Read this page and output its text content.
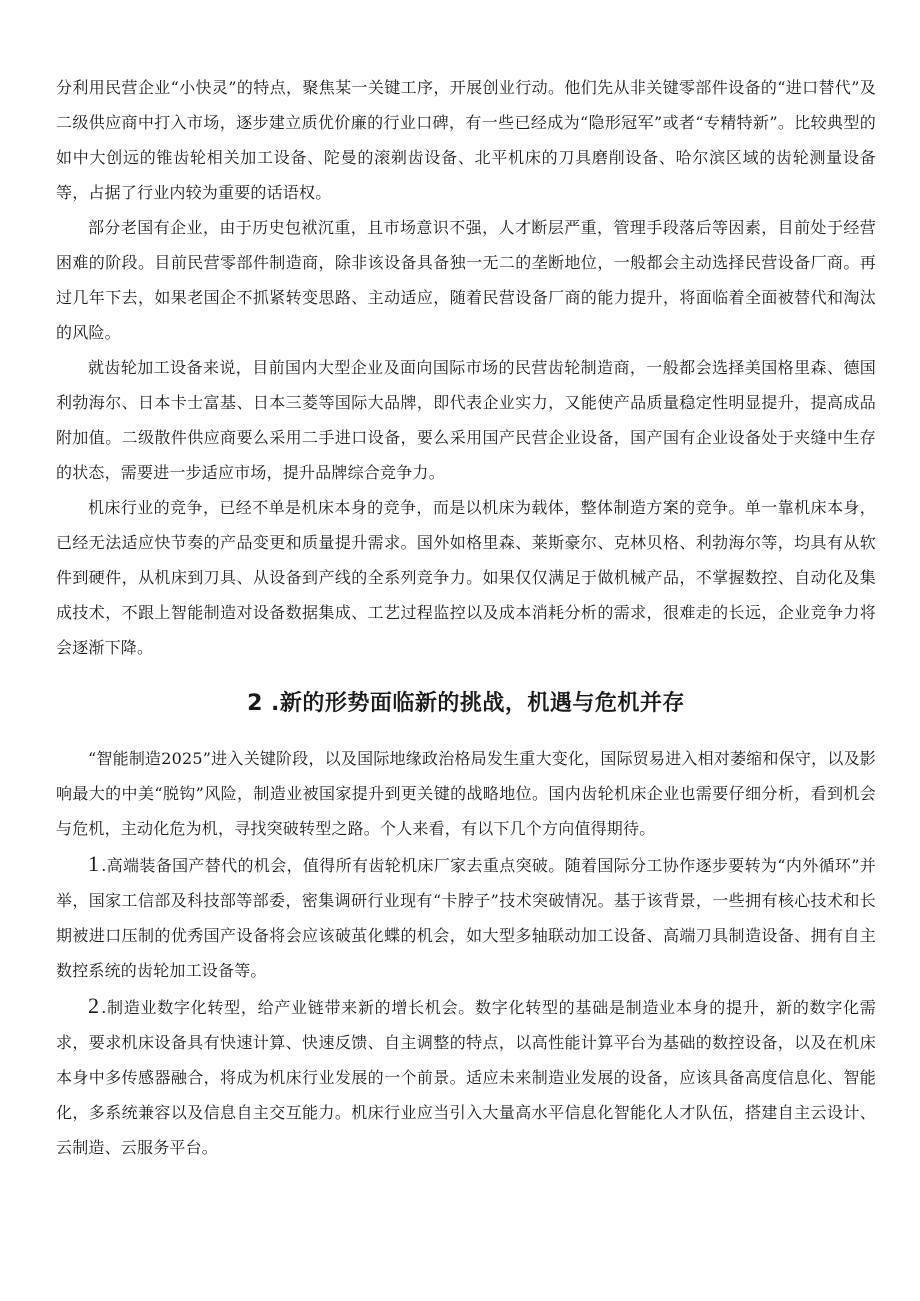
分利用民营企业“小快灵”的特点，聚焦某一关键工序，开展创业行动。他们先从非关键零部件设备的“进口替代”及二级供应商中打入市场，逐步建立质优价廉的行业口碑，有一些已经成为“隐形冠军”或者“专精特新”。比较典型的如中大创远的锥齿轮相关加工设备、陀曼的滚剃齿设备、北平机床的刀具磨削设备、哈尔滨区域的齿轮测量设备等，占据了行业内较为重要的话语权。

部分老国有企业，由于历史包袱沉重，且市场意识不强，人才断层严重，管理手段落后等因素，目前处于经营困难的阶段。目前民营零部件制造商，除非该设备具备独一无二的垄断地位，一般都会主动选择民营设备厂商。再过几年下去，如果老国企不抓紧转变思路、主动适应，随着民营设备厂商的能力提升，将面临着全面被替代和淘汰的风险。

就齿轮加工设备来说，目前国内大型企业及面向国际市场的民营齿轮制造商，一般都会选择美国格里森、德国利勃海尔、日本卡士富基、日本三菱等国际大品牌，即代表企业实力，又能使产品质量稳定性明显提升，提高成品附加值。二级散件供应商要么采用二手进口设备，要么采用国产民营企业设备，国产国有企业设备处于夹缝中生存的状态，需要进一步适应市场，提升品牌综合竞争力。

机床行业的竞争，已经不单是机床本身的竞争，而是以机床为载体，整体制造方案的竞争。单一靠机床本身，已经无法适应快节奏的产品变更和质量提升需求。国外如格里森、莱斯豪尔、克林贝格、利勃海尔等，均具有从软件到硬件，从机床到刀具、从设备到产线的全系列竞争力。如果仅仅满足于做机械产品，不掌握数控、自动化及集成技术，不跟上智能制造对设备数据集成、工艺过程监控以及成本消耗分析的需求，很难走的长远，企业竞争力将会逐渐下降。

2 .新的形势面临新的挑战，机遇与危机并存

“智能制造2025”进入关键阶段，以及国际地缘政治格局发生重大变化，国际贸易进入相对萎缩和保守，以及影响最大的中美“脱钩”风险，制造业被国家提升到更关键的战略地位。国内齿轮机床企业也需要仔细分析，看到机会与危机，主动化危为机，寻找突破转型之路。个人来看，有以下几个方向值得期待。

1 .高端装备国产替代的机会，值得所有齿轮机床厂家去重点突破。随着国际分工协作逐步要转为“内外循环”并举，国家工信部及科技部等部委，密集调研行业现有“卡脖子”技术突破情况。基于该背景，一些拥有核心技术和长期被进口压制的优秀国产设备将会应该破茧化蝶的机会，如大型多轴联动加工设备、高端刀具制造设备、拥有自主数控系统的齿轮加工设备等。

2 .制造业数字化转型，给产业链带来新的增长机会。数字化转型的基础是制造业本身的提升，新的数字化需求，要求机床设备具有快速计算、快速反馈、自主调整的特点，以高性能计算平台为基础的数控设备，以及在机床本身中多传感器融合，将成为机床行业发展的一个前景。适应未来制造业发展的设备，应该具备高度信息化、智能化，多系统兼容以及信息自主交互能力。机床行业应当引入大量高水平信息化智能化人才队伍，搭建自主云设计、云制造、云服务平台。
